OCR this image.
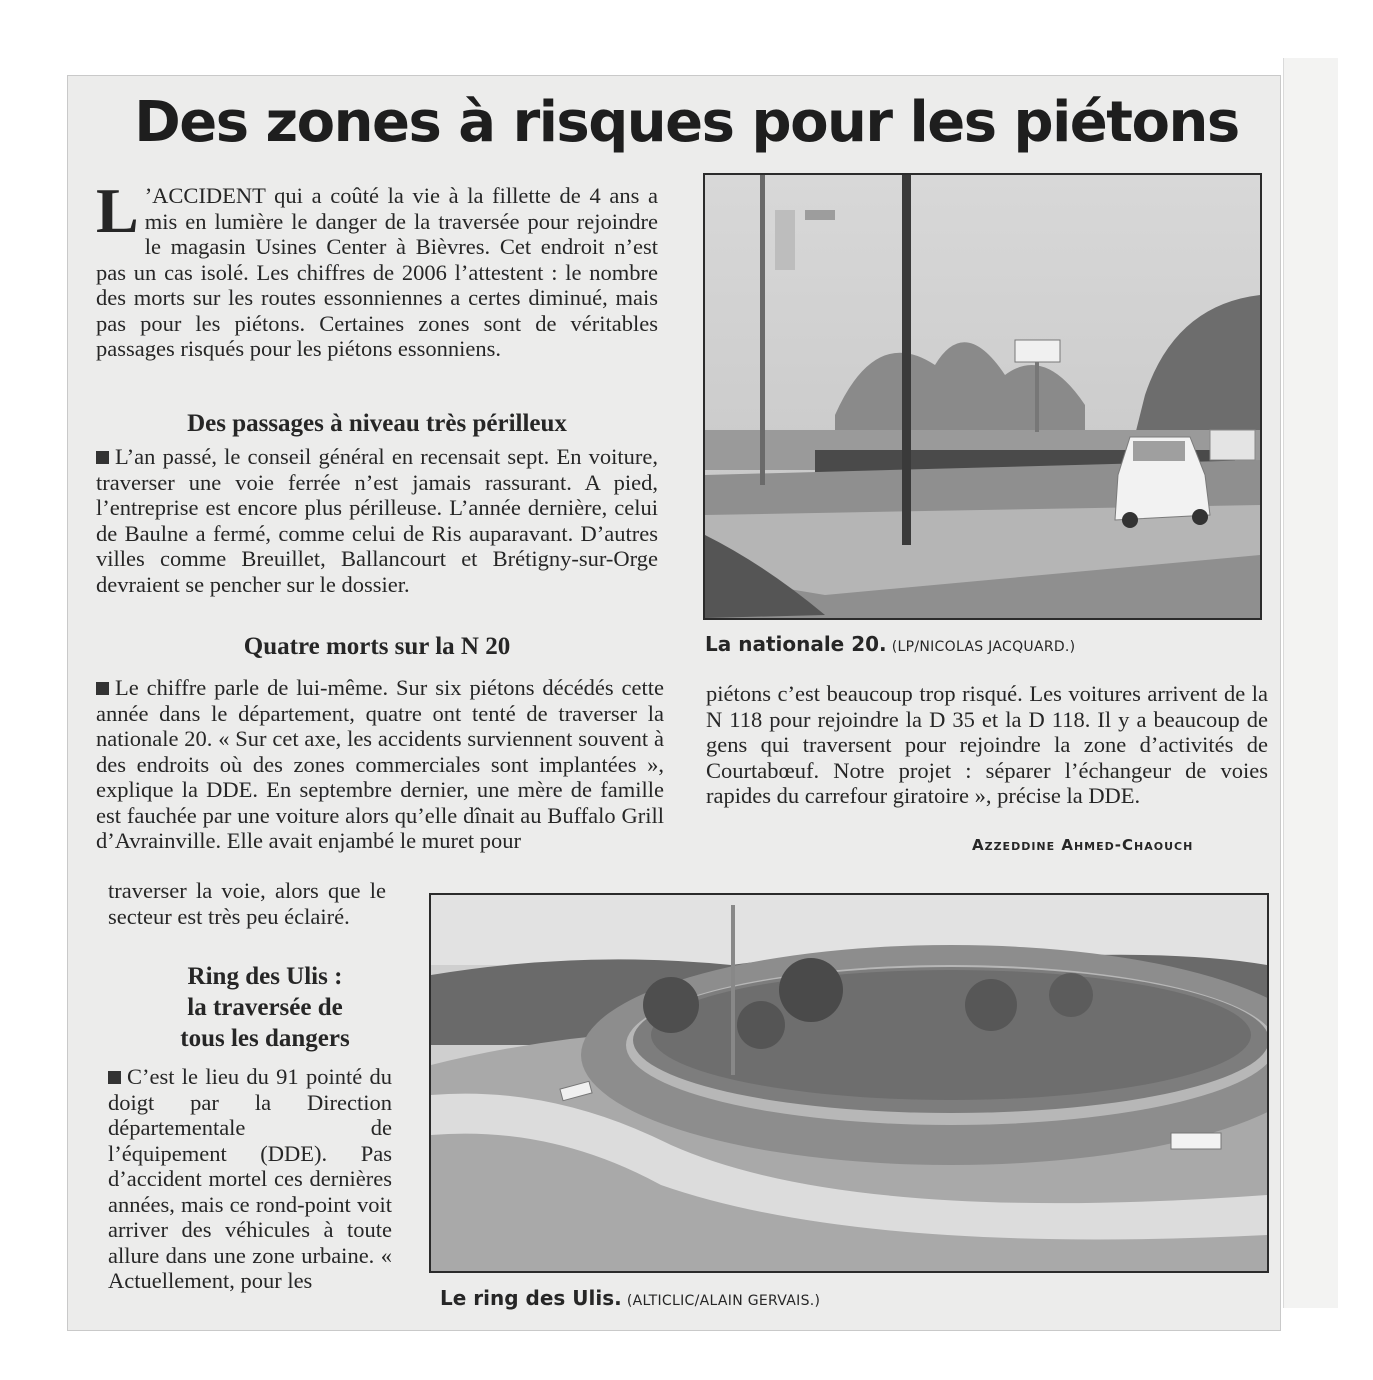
Des zones à risques pour les piétons
L ’ACCIDENT qui a coûté la vie à la fillette de 4 ans a mis en lumière le danger de la traversée pour rejoindre le magasin Usines Center à Bièvres. Cet endroit n’est pas un cas isolé. Les chiffres de 2006 l’attestent : le nombre des morts sur les routes essonniennes a certes diminué, mais pas pour les piétons. Certaines zones sont de véritables passages risqués pour les piétons essonniens.
Des passages à niveau très périlleux
L’an passé, le conseil général en recensait sept. En voiture, traverser une voie ferrée n’est jamais rassurant. A pied, l’entreprise est encore plus périlleuse. L’année dernière, celui de Baulne a fermé, comme celui de Ris auparavant. D’autres villes comme Breuillet, Ballancourt et Brétigny-sur-Orge devraient se pencher sur le dossier.
Quatre morts sur la N 20
Le chiffre parle de lui-même. Sur six piétons décédés cette année dans le département, quatre ont tenté de traverser la nationale 20. « Sur cet axe, les accidents surviennent souvent à des endroits où des zones commerciales sont implantées », explique la DDE. En septembre dernier, une mère de famille est fauchée par une voiture alors qu’elle dînait au Buffalo Grill d’Avrainville. Elle avait enjambé le muret pour
traverser la voie, alors que le secteur est très peu éclairé.
Ring des Ulis :
la traversée de
tous les dangers
C’est le lieu du 91 pointé du doigt par la Direction départementale de l’équipement (DDE). Pas d’accident mortel ces dernières années, mais ce rond-point voit arriver des véhicules à toute allure dans une zone urbaine. « Actuellement, pour les
piétons c’est beaucoup trop risqué. Les voitures arrivent de la N 118 pour rejoindre la D 35 et la D 118. Il y a beaucoup de gens qui traversent pour rejoindre la zone d’activités de Courtabœuf. Notre projet : séparer l’échangeur de voies rapides du carrefour giratoire », précise la DDE.
Azzeddine Ahmed-Chaouch
La nationale 20. (LP/NICOLAS JACQUARD.)
Le ring des Ulis. (ALTICLIC/ALAIN GERVAIS.)
